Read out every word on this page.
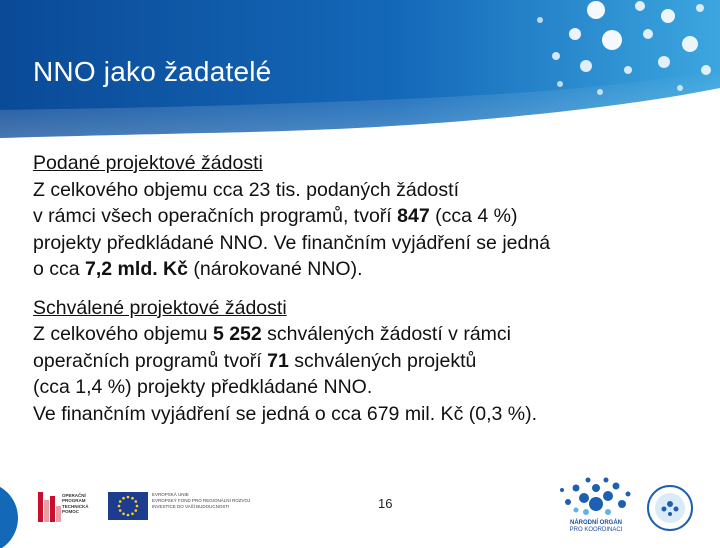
NNO jako žadatelé
Podané projektové žádosti
Z celkového objemu cca 23 tis. podaných žádostí
v rámci všech operačních programů, tvoří 847 (cca 4 %)
projekty předkládané NNO. Ve finančním vyjádření se jedná
o cca 7,2 mld. Kč (nárokované NNO).
Schválené projektové žádosti
Z celkového objemu 5 252 schválených žádostí v rámci
operačních programů tvoří 71 schválených projektů
(cca 1,4 %) projekty předkládané NNO.
Ve finančním vyjádření se jedná o cca 679 mil. Kč (0,3 %).
OPERAČNÍ
PROGRAM
TECHNICKÁ
POMOC
EVROPSKÁ UNIE
EVROPSKÝ FOND PRO REGIONÁLNÍ ROZVOJ
INVESTICE DO VAŠÍ BUDOUCNOSTI	16
NÁRODNÍ ORGÁN
PRO KOORDINACI
